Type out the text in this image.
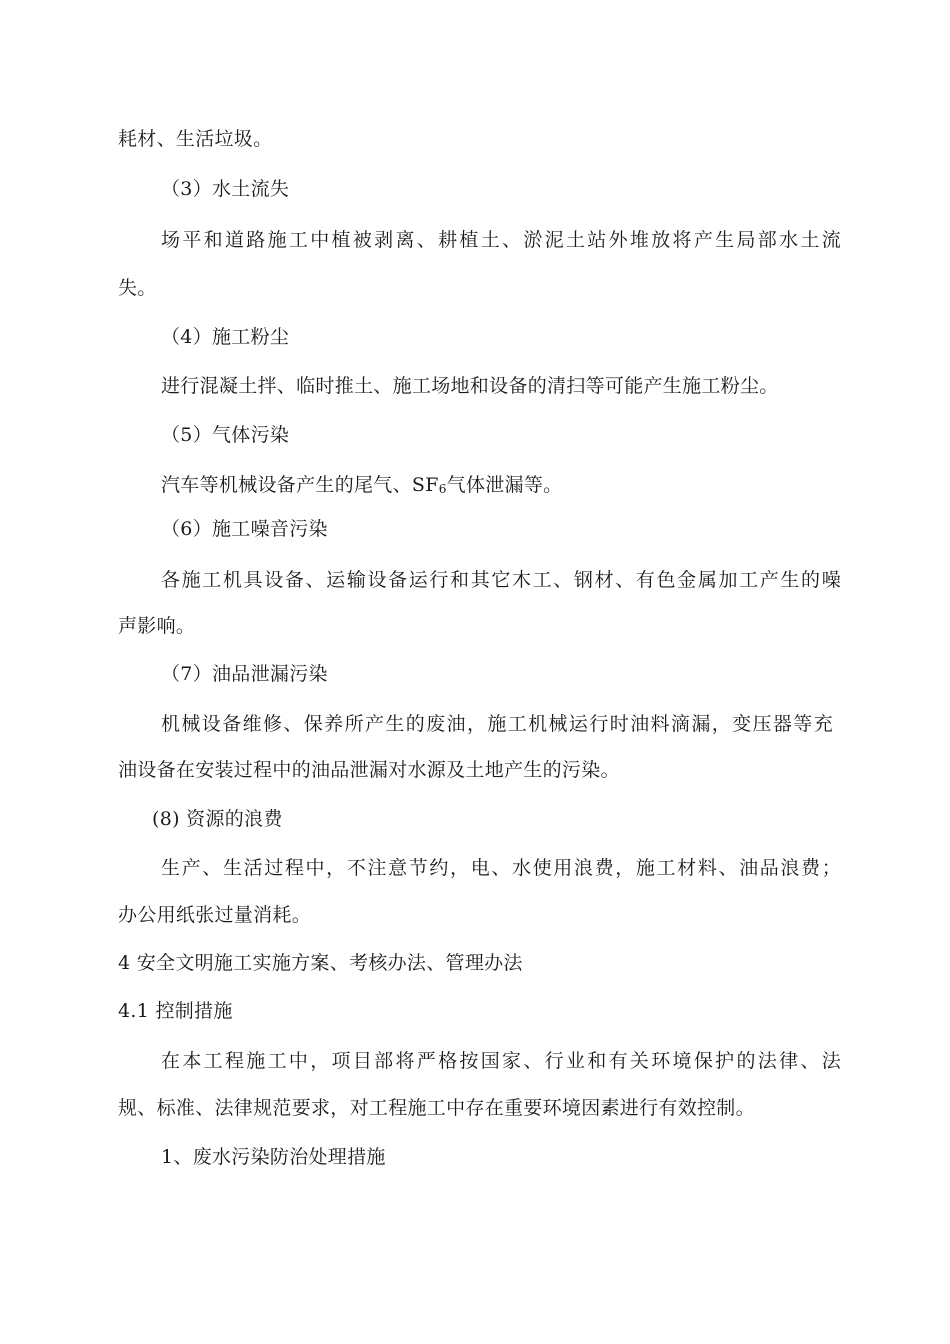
耗材、生活垃圾。
（3）水土流失
场平和道路施工中植被剥离、耕植土、淤泥土站外堆放将产生局部水土流
失。
（4）施工粉尘
进行混凝土拌、临时推土、施工场地和设备的清扫等可能产生施工粉尘。
（5）气体污染
汽车等机械设备产生的尾气、$SF_6$气体泄漏等。
（6）施工噪音污染
各施工机具设备、运输设备运行和其它木工、钢材、有色金属加工产生的噪
声影响。
（7）油品泄漏污染
机械设备维修、保养所产生的废油，施工机械运行时油料滴漏，变压器等充
油设备在安装过程中的油品泄漏对水源及土地产生的污染。
(8) 资源的浪费
生产、生活过程中，不注意节约，电、水使用浪费，施工材料、油品浪费；
办公用纸张过量消耗。
4 安全文明施工实施方案、考核办法、管理办法
4.1 控制措施
在本工程施工中，项目部将严格按国家、行业和有关环境保护的法律、法
规、标准、法律规范要求，对工程施工中存在重要环境因素进行有效控制。
1、废水污染防治处理措施
